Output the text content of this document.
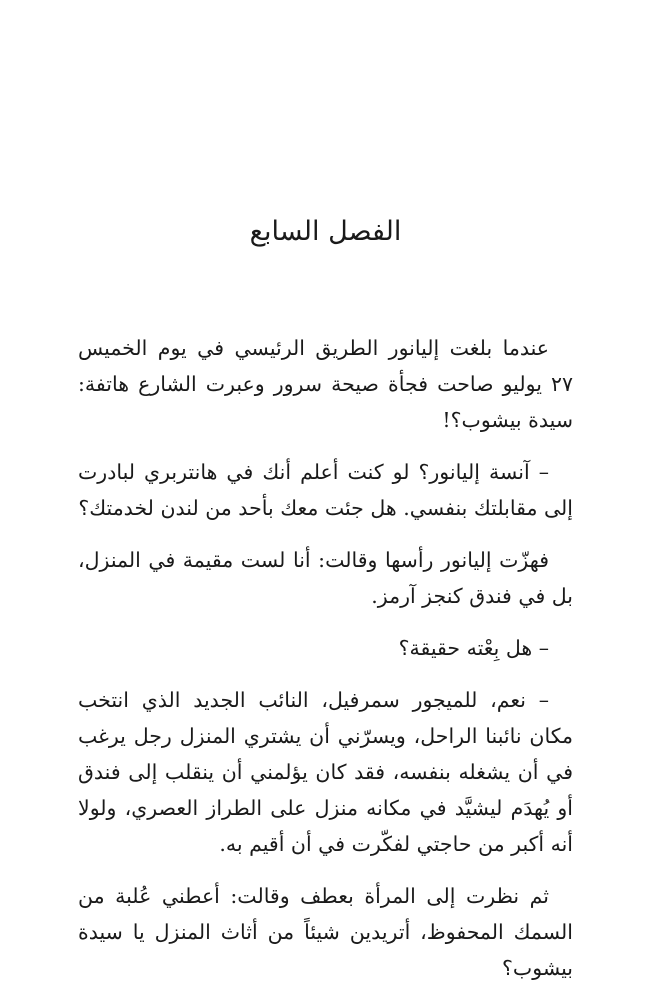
الفصل السابع

عندما بلغت إليانور الطريق الرئيسي في يوم الخميس ٢٧ يوليو صاحت فجأة صيحة سرور وعبرت الشارع هاتفة: سيدة بيشوب؟!

– آنسة إليانور؟ لو كنت أعلم أنك في هانتربري لبادرت إلى مقابلتك بنفسي. هل جئت معك بأحد من لندن لخدمتك؟

فهزّت إليانور رأسها وقالت: أنا لست مقيمة في المنزل، بل في فندق كنجز آرمز.

– هل بِعْته حقيقة؟

– نعم، للميجور سمرفيل، النائب الجديد الذي انتخب مكان نائبنا الراحل، ويسرّني أن يشتري المنزل رجل يرغب في أن يشغله بنفسه، فقد كان يؤلمني أن ينقلب إلى فندق أو يُهدَم ليشيَّد في مكانه منزل على الطراز العصري، ولولا أنه أكبر من حاجتي لفكّرت في أن أقيم به.

ثم نظرت إلى المرأة بعطف وقالت: أعطني عُلبة من السمك المحفوظ، أتريدين شيئاً من أثاث المنزل يا سيدة بيشوب؟
